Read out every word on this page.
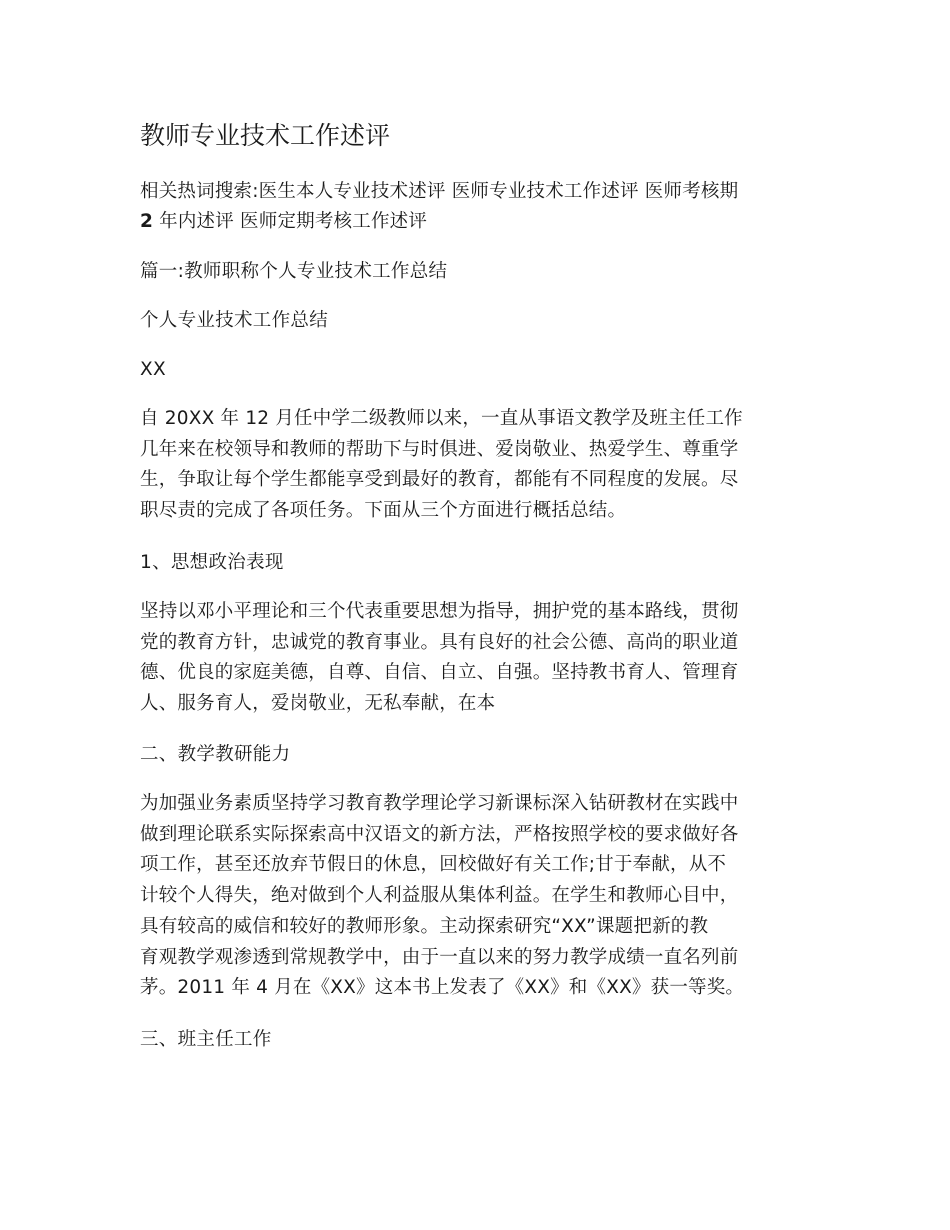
教师专业技术工作述评
相关热词搜索:医生本人专业技术述评 医师专业技术工作述评 医师考核期
2 年内述评 医师定期考核工作述评
篇一:教师职称个人专业技术工作总结
个人专业技术工作总结
XX
自 20XX 年 12 月任中学二级教师以来，一直从事语文教学及班主任工作
几年来在校领导和教师的帮助下与时俱进、爱岗敬业、热爱学生、尊重学
生，争取让每个学生都能享受到最好的教育，都能有不同程度的发展。尽
职尽责的完成了各项任务。下面从三个方面进行概括总结。
1、思想政治表现
坚持以邓小平理论和三个代表重要思想为指导，拥护党的基本路线，贯彻
党的教育方针，忠诚党的教育事业。具有良好的社会公德、高尚的职业道
德、优良的家庭美德，自尊、自信、自立、自强。坚持教书育人、管理育
人、服务育人，爱岗敬业，无私奉献，在本
二、教学教研能力
为加强业务素质坚持学习教育教学理论学习新课标深入钻研教材在实践中
做到理论联系实际探索高中汉语文的新方法，严格按照学校的要求做好各
项工作，甚至还放弃节假日的休息，回校做好有关工作;甘于奉献，从不
计较个人得失，绝对做到个人利益服从集体利益。在学生和教师心目中，
具有较高的威信和较好的教师形象。主动探索研究“XX”课题把新的教
育观教学观渗透到常规教学中，由于一直以来的努力教学成绩一直名列前
茅。2011 年 4 月在《XX》这本书上发表了《XX》和《XX》获一等奖。
三、班主任工作
